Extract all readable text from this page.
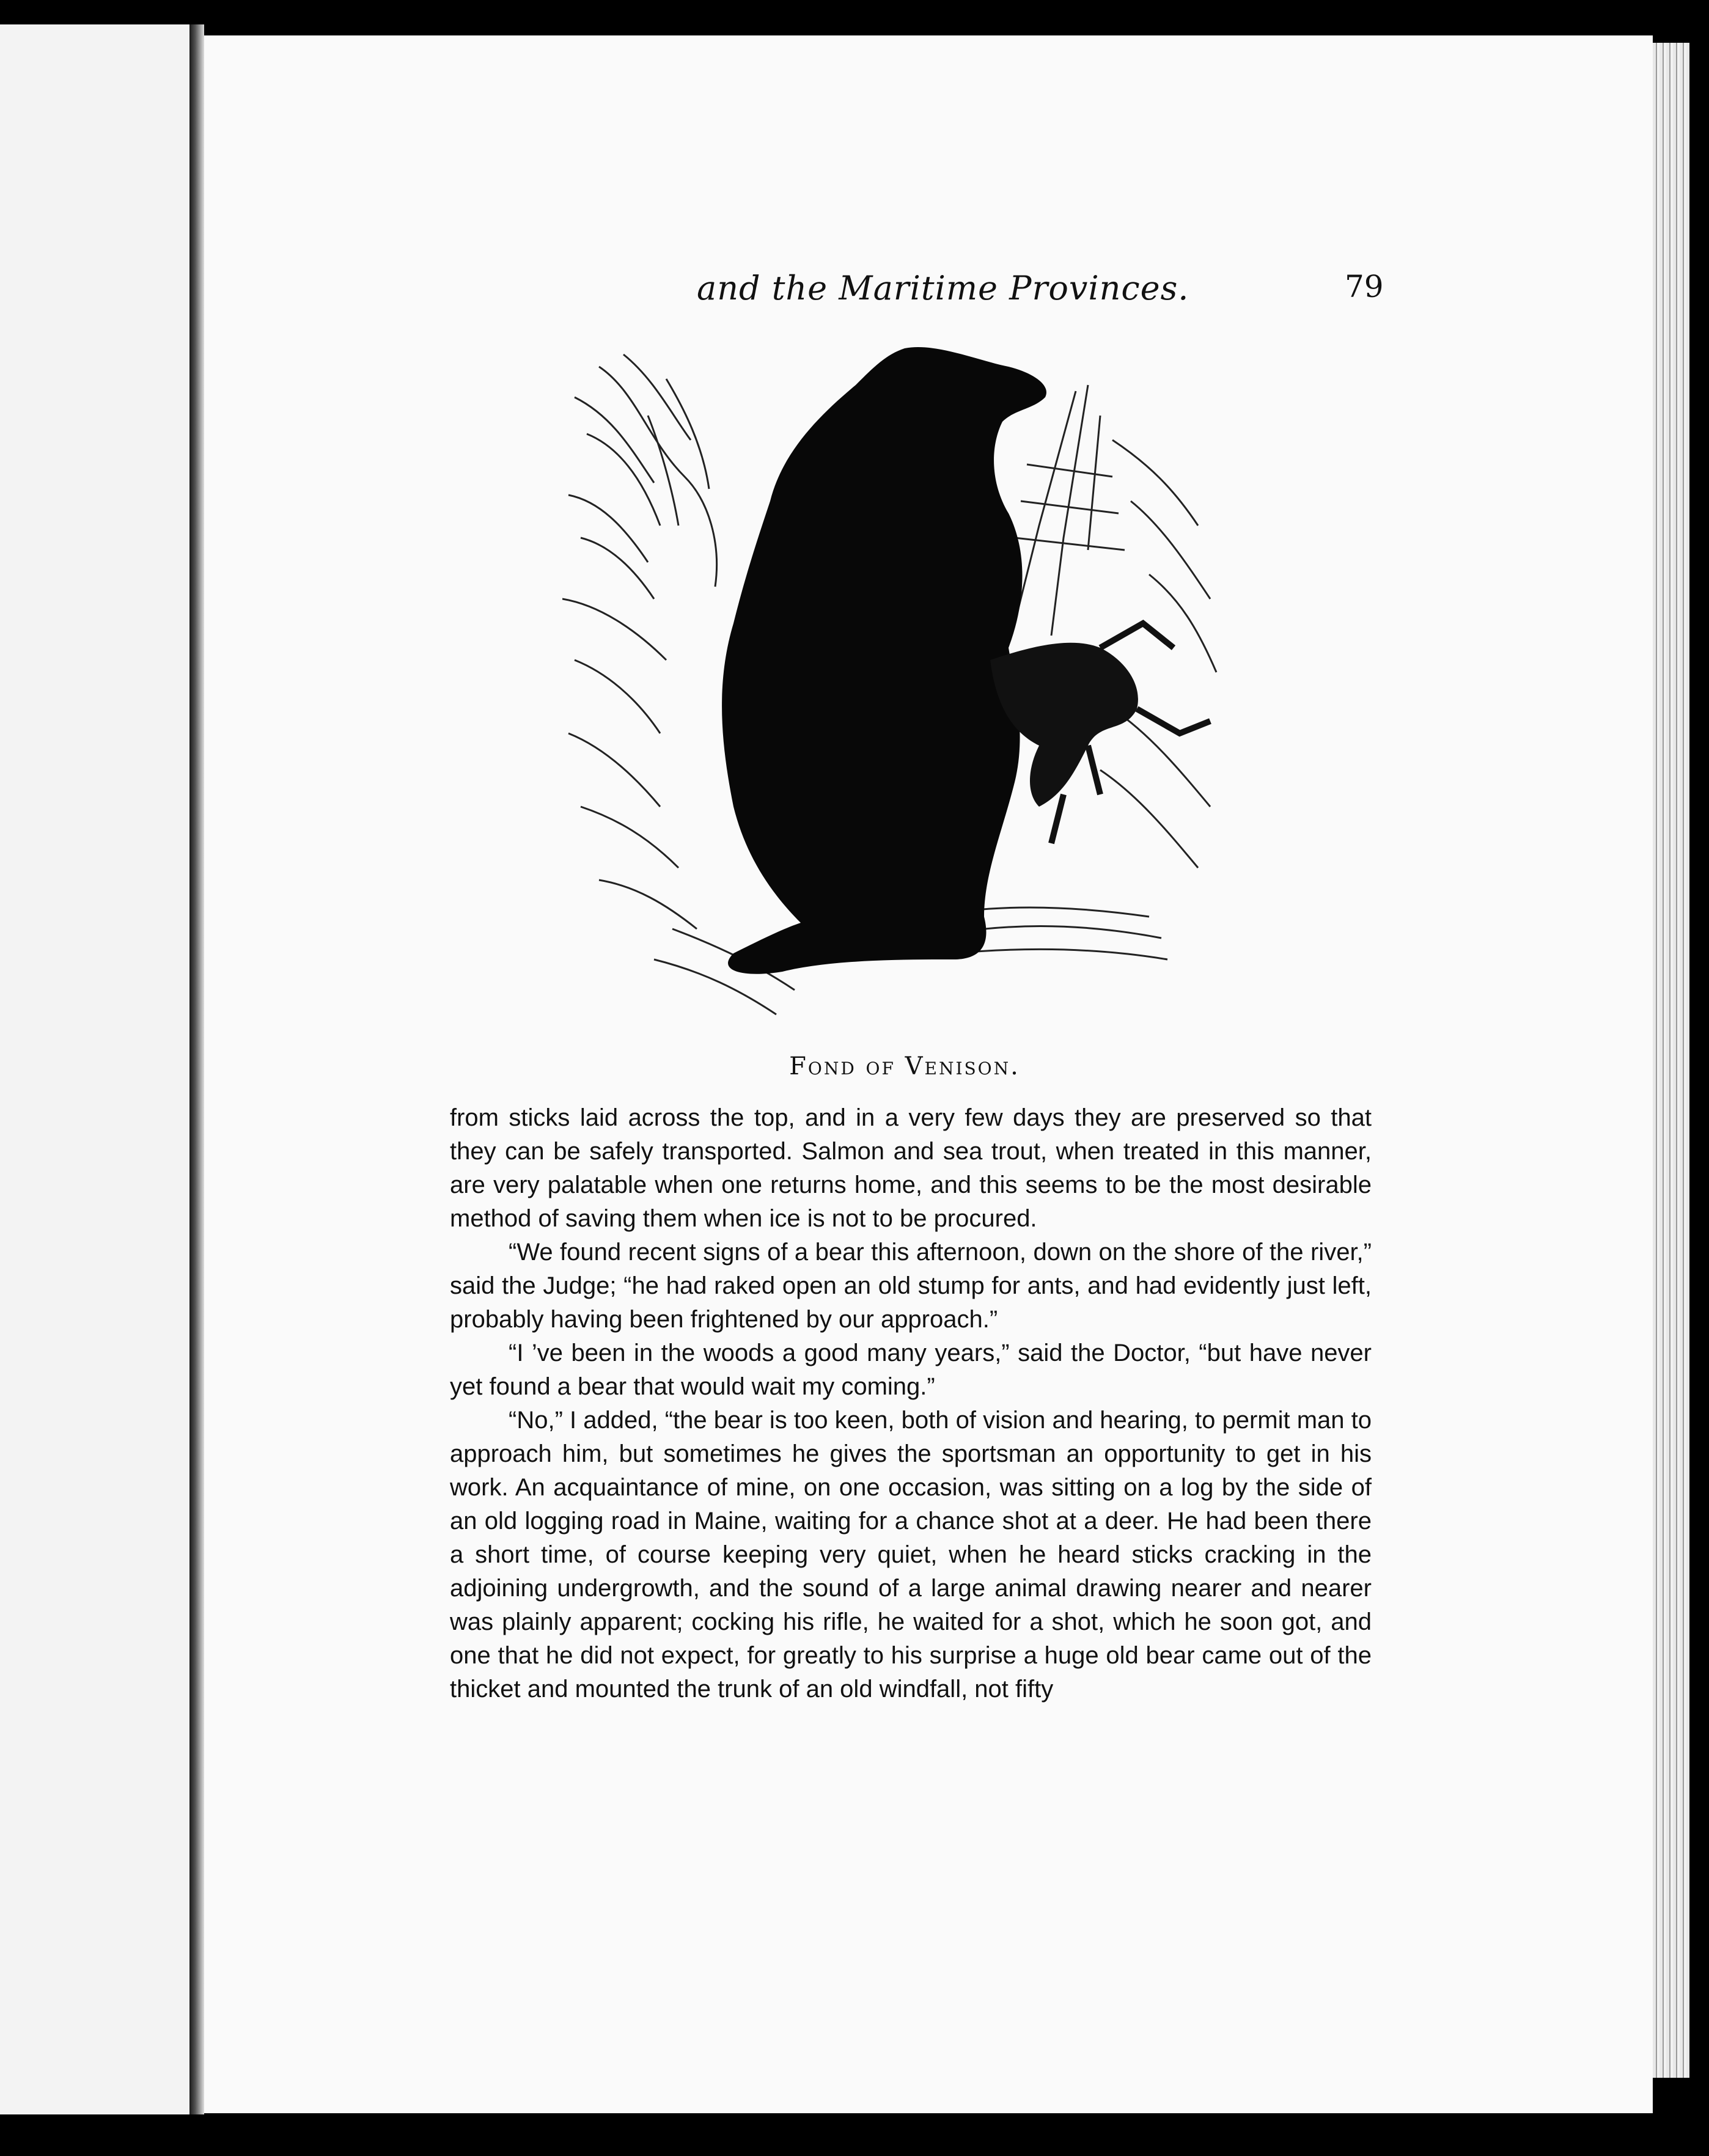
and the Maritime Provinces.	79
Fond of Venison.

from sticks laid across the top, and in a very few days they are preserved so that they can be safely transported. Salmon and sea trout, when treated in this manner, are very palatable when one returns home, and this seems to be the most desirable method of saving them when ice is not to be procured.

“We found recent signs of a bear this afternoon, down on the shore of the river,” said the Judge; “he had raked open an old stump for ants, and had evidently just left, probably having been frightened by our approach.”

“I ’ve been in the woods a good many years,” said the Doctor, “but have never yet found a bear that would wait my coming.”

“No,” I added, “the bear is too keen, both of vision and hearing, to permit man to approach him, but sometimes he gives the sportsman an opportunity to get in his work. An acquaintance of mine, on one occasion, was sitting on a log by the side of an old logging road in Maine, waiting for a chance shot at a deer. He had been there a short time, of course keeping very quiet, when he heard sticks cracking in the adjoining undergrowth, and the sound of a large animal drawing nearer and nearer was plainly apparent; cocking his rifle, he waited for a shot, which he soon got, and one that he did not expect, for greatly to his surprise a huge old bear came out of the thicket and mounted the trunk of an old windfall, not fifty
